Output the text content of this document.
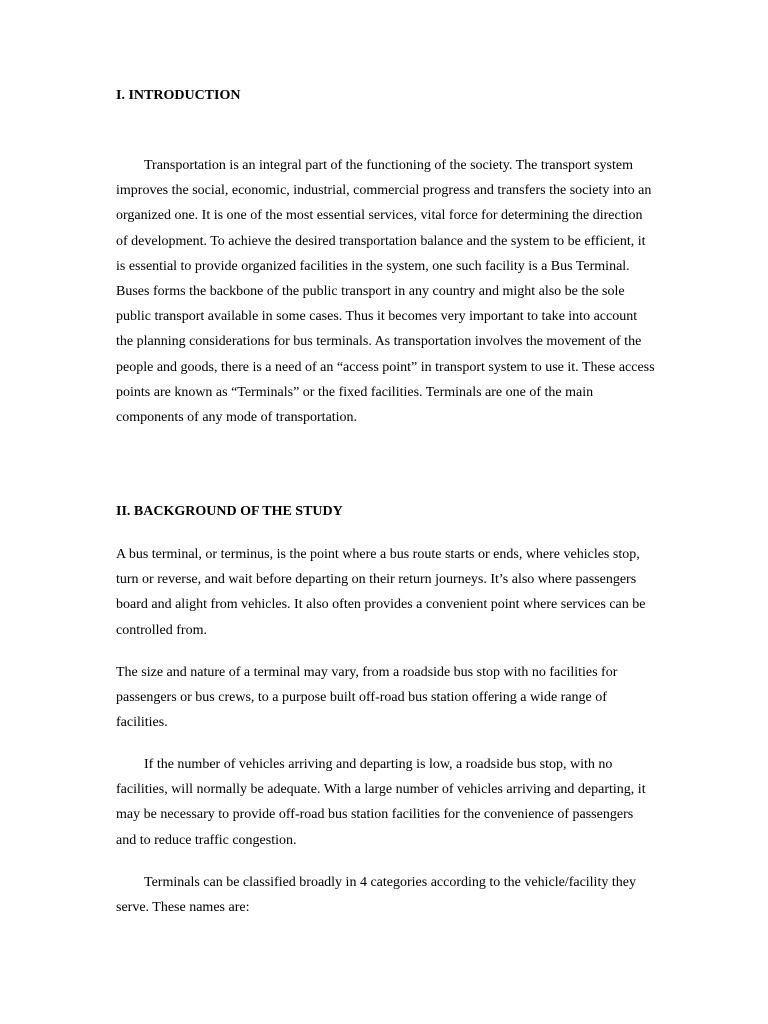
I. INTRODUCTION

Transportation is an integral part of the functioning of the society. The transport system improves the social, economic, industrial, commercial progress and transfers the society into an organized one. It is one of the most essential services, vital force for determining the direction of development. To achieve the desired transportation balance and the system to be efficient, it is essential to provide organized facilities in the system, one such facility is a Bus Terminal. Buses forms the backbone of the public transport in any country and might also be the sole public transport available in some cases. Thus it becomes very important to take into account the planning considerations for bus terminals. As transportation involves the movement of the people and goods, there is a need of an “access point” in transport system to use it. These access points are known as “Terminals” or the fixed facilities. Terminals are one of the main components of any mode of transportation.

II. BACKGROUND OF THE STUDY

A bus terminal, or terminus, is the point where a bus route starts or ends, where vehicles stop, turn or reverse, and wait before departing on their return journeys. It’s also where passengers board and alight from vehicles. It also often provides a convenient point where services can be controlled from.

The size and nature of a terminal may vary, from a roadside bus stop with no facilities for passengers or bus crews, to a purpose built off-road bus station offering a wide range of facilities.

If the number of vehicles arriving and departing is low, a roadside bus stop, with no facilities, will normally be adequate. With a large number of vehicles arriving and departing, it may be necessary to provide off-road bus station facilities for the convenience of passengers and to reduce traffic congestion.

Terminals can be classified broadly in 4 categories according to the vehicle/facility they serve. These names are:
